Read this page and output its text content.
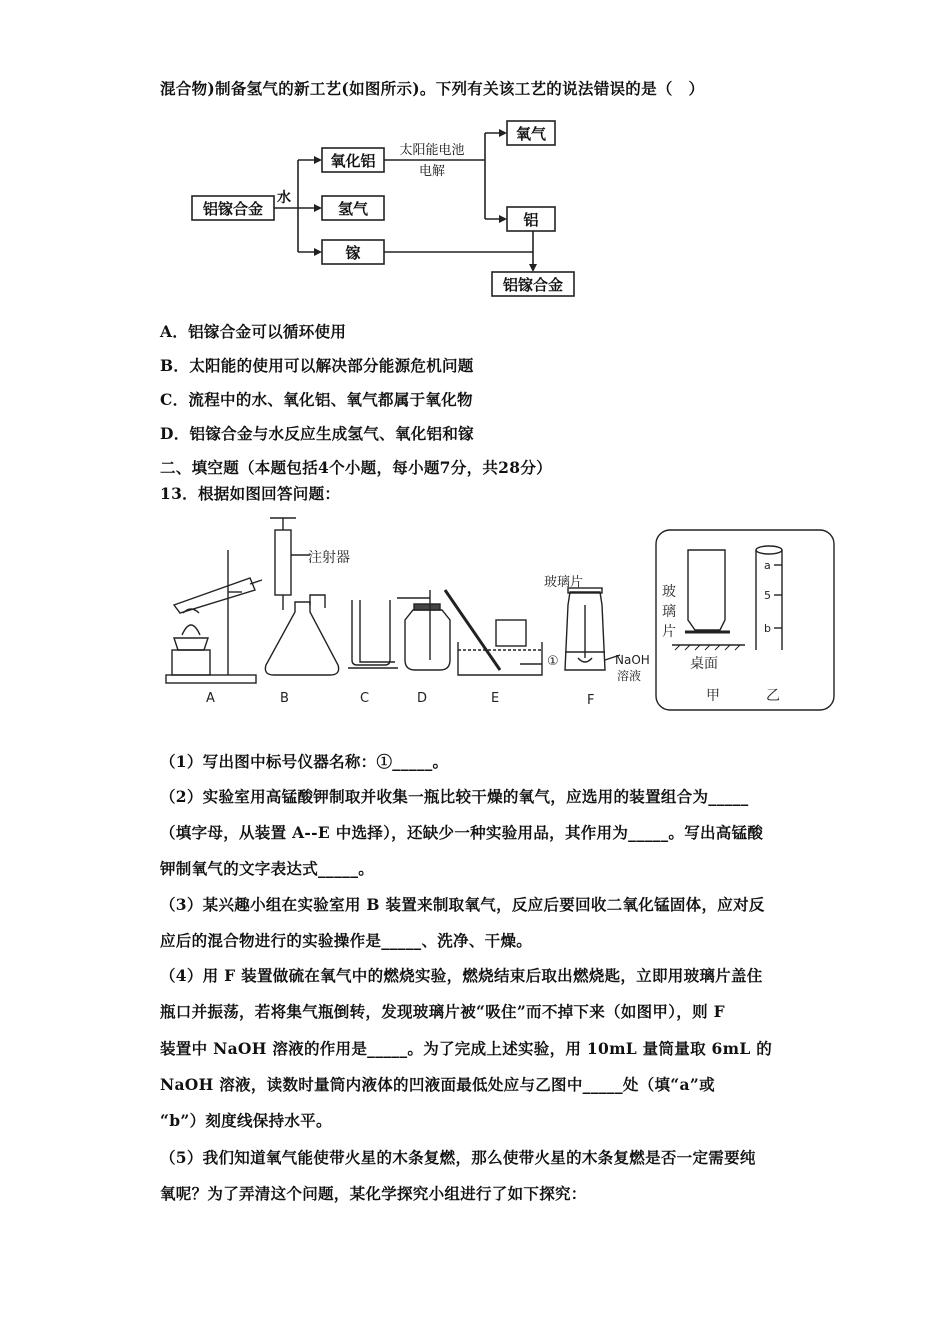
混合物)制备氢气的新工艺(如图所示)。下列有关该工艺的说法错误的是（　）
铝镓合金
水
氧化铝
氢气
镓
太阳能电池
电解
氧气
铝
铝镓合金
A．铝镓合金可以循环使用
B．太阳能的使用可以解决部分能源危机问题
C．流程中的水、氧化铝、氧气都属于氧化物
D．铝镓合金与水反应生成氢气、氧化铝和镓
二、填空题（本题包括4个小题，每小题7分，共28分）
13．根据如图回答问题：
注射器
玻璃片
NaOH
溶液
①
A	B	C	D	E	F
玻
璃
片
桌面
甲	乙
a
5
b
（1）写出图中标号仪器名称：①_____。
（2）实验室用高锰酸钾制取并收集一瓶比较干燥的氧气，应选用的装置组合为_____
（填字母，从装置 A--E 中选择），还缺少一种实验用品，其作用为_____。写出高锰酸
钾制氧气的文字表达式_____。
（3）某兴趣小组在实验室用 B 装置来制取氧气，反应后要回收二氧化锰固体，应对反
应后的混合物进行的实验操作是_____、洗净、干燥。
（4）用 F 装置做硫在氧气中的燃烧实验，燃烧结束后取出燃烧匙，立即用玻璃片盖住
瓶口并振荡，若将集气瓶倒转，发现玻璃片被“吸住”而不掉下来（如图甲），则 F
装置中 NaOH 溶液的作用是_____。为了完成上述实验，用 10mL 量筒量取 6mL 的
NaOH 溶液，读数时量筒内液体的凹液面最低处应与乙图中_____处（填“a”或
“b”）刻度线保持水平。
（5）我们知道氧气能使带火星的木条复燃，那么使带火星的木条复燃是否一定需要纯
氧呢？为了弄清这个问题，某化学探究小组进行了如下探究：
